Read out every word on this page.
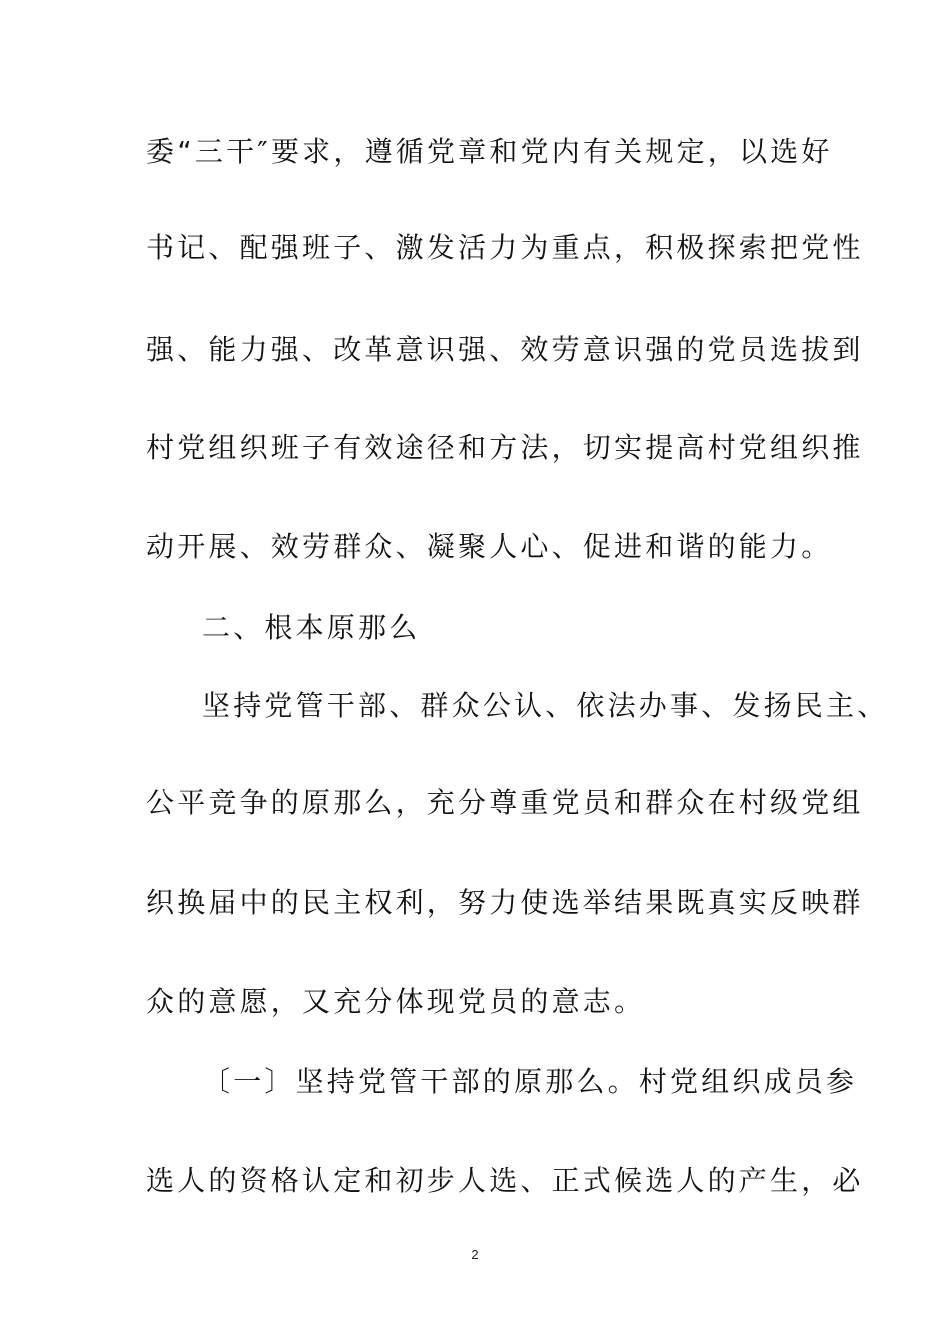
委“三干″要求，遵循党章和党内有关规定，以选好
书记、配强班子、激发活力为重点，积极探索把党性
强、能力强、改革意识强、效劳意识强的党员选拔到
村党组织班子有效途径和方法，切实提高村党组织推
动开展、效劳群众、凝聚人心、促进和谐的能力。
二、根本原那么
坚持党管干部、群众公认、依法办事、发扬民主、
公平竞争的原那么，充分尊重党员和群众在村级党组
织换届中的民主权利，努力使选举结果既真实反映群
众的意愿，又充分体现党员的意志。
〔一〕坚持党管干部的原那么。村党组织成员参
选人的资格认定和初步人选、正式候选人的产生，必
2
